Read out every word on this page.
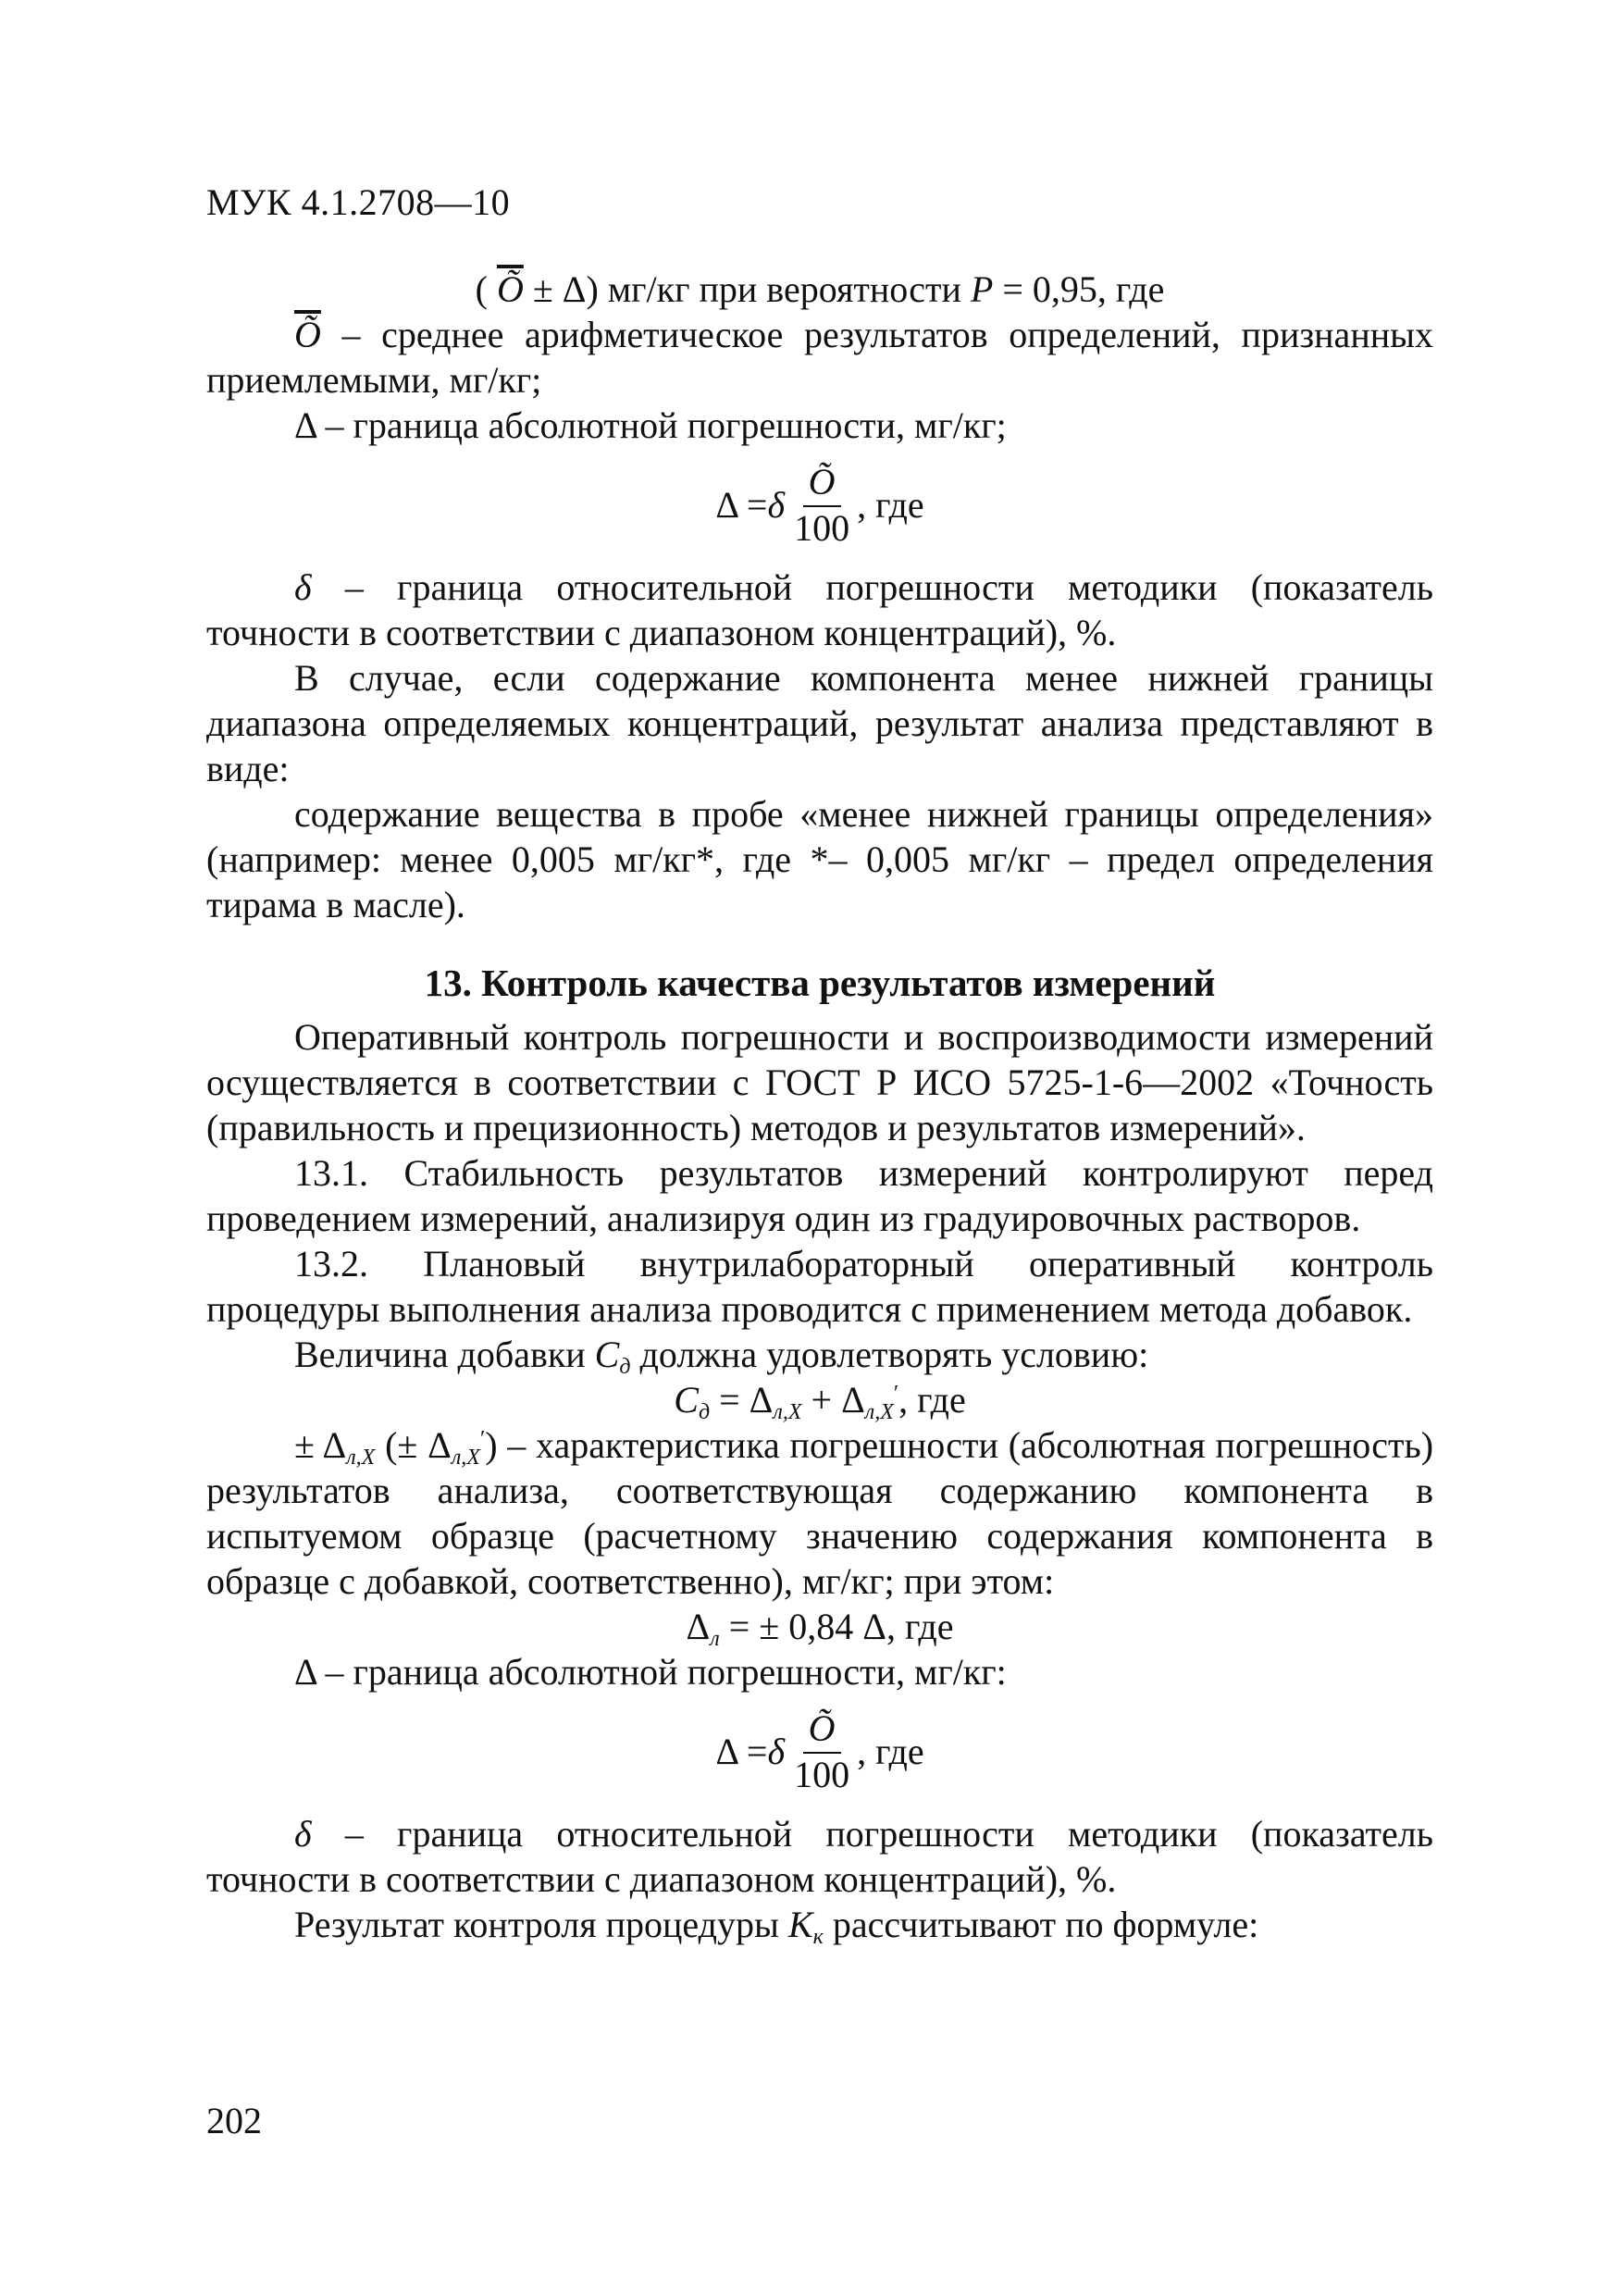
МУК 4.1.2708—10

( $\overline{Õ} \pm \Delta$) мг/кг при вероятности P = 0,95, где

$\overline{Õ}$ – среднее арифметическое результатов определений, признанных приемлемыми, мг/кг;

Δ – граница абсолютной погрешности, мг/кг;

Δ = δ $\frac{Õ}{100}$ , где

δ – граница относительной погрешности методики (показатель точности в соответствии с диапазоном концентраций), %.

В случае, если содержание компонента менее нижней границы диапазона определяемых концентраций, результат анализа представляют в виде:

содержание вещества в пробе «менее нижней границы определения» (например: менее 0,005 мг/кг*, где *– 0,005 мг/кг – предел определения тирама в масле).

13. Контроль качества результатов измерений

Оперативный контроль погрешности и воспроизводимости измерений осуществляется в соответствии с ГОСТ Р ИСО 5725-1-6—2002 «Точность (правильность и прецизионность) методов и результатов измерений».

13.1. Стабильность результатов измерений контролируют перед проведением измерений, анализируя один из градуировочных растворов.

13.2. Плановый внутрилабораторный оперативный контроль процедуры выполнения анализа проводится с применением метода добавок.

Величина добавки $C_д$ должна удовлетворять условию:

$C_д = \Delta_{л,X} + \Delta_{л,X}'$, где

± $\Delta_{л,X}$ (± $\Delta_{л,X}'$) – характеристика погрешности (абсолютная погрешность) результатов анализа, соответствующая содержанию компонента в испытуемом образце (расчетному значению содержания компонента в образце с добавкой, соответственно), мг/кг; при этом:

$\Delta_л$ = ± 0,84 Δ, где

Δ – граница абсолютной погрешности, мг/кг:

Δ = δ $\frac{Õ}{100}$ , где

δ – граница относительной погрешности методики (показатель точности в соответствии с диапазоном концентраций), %.

Результат контроля процедуры $K_к$ рассчитывают по формуле:

202
